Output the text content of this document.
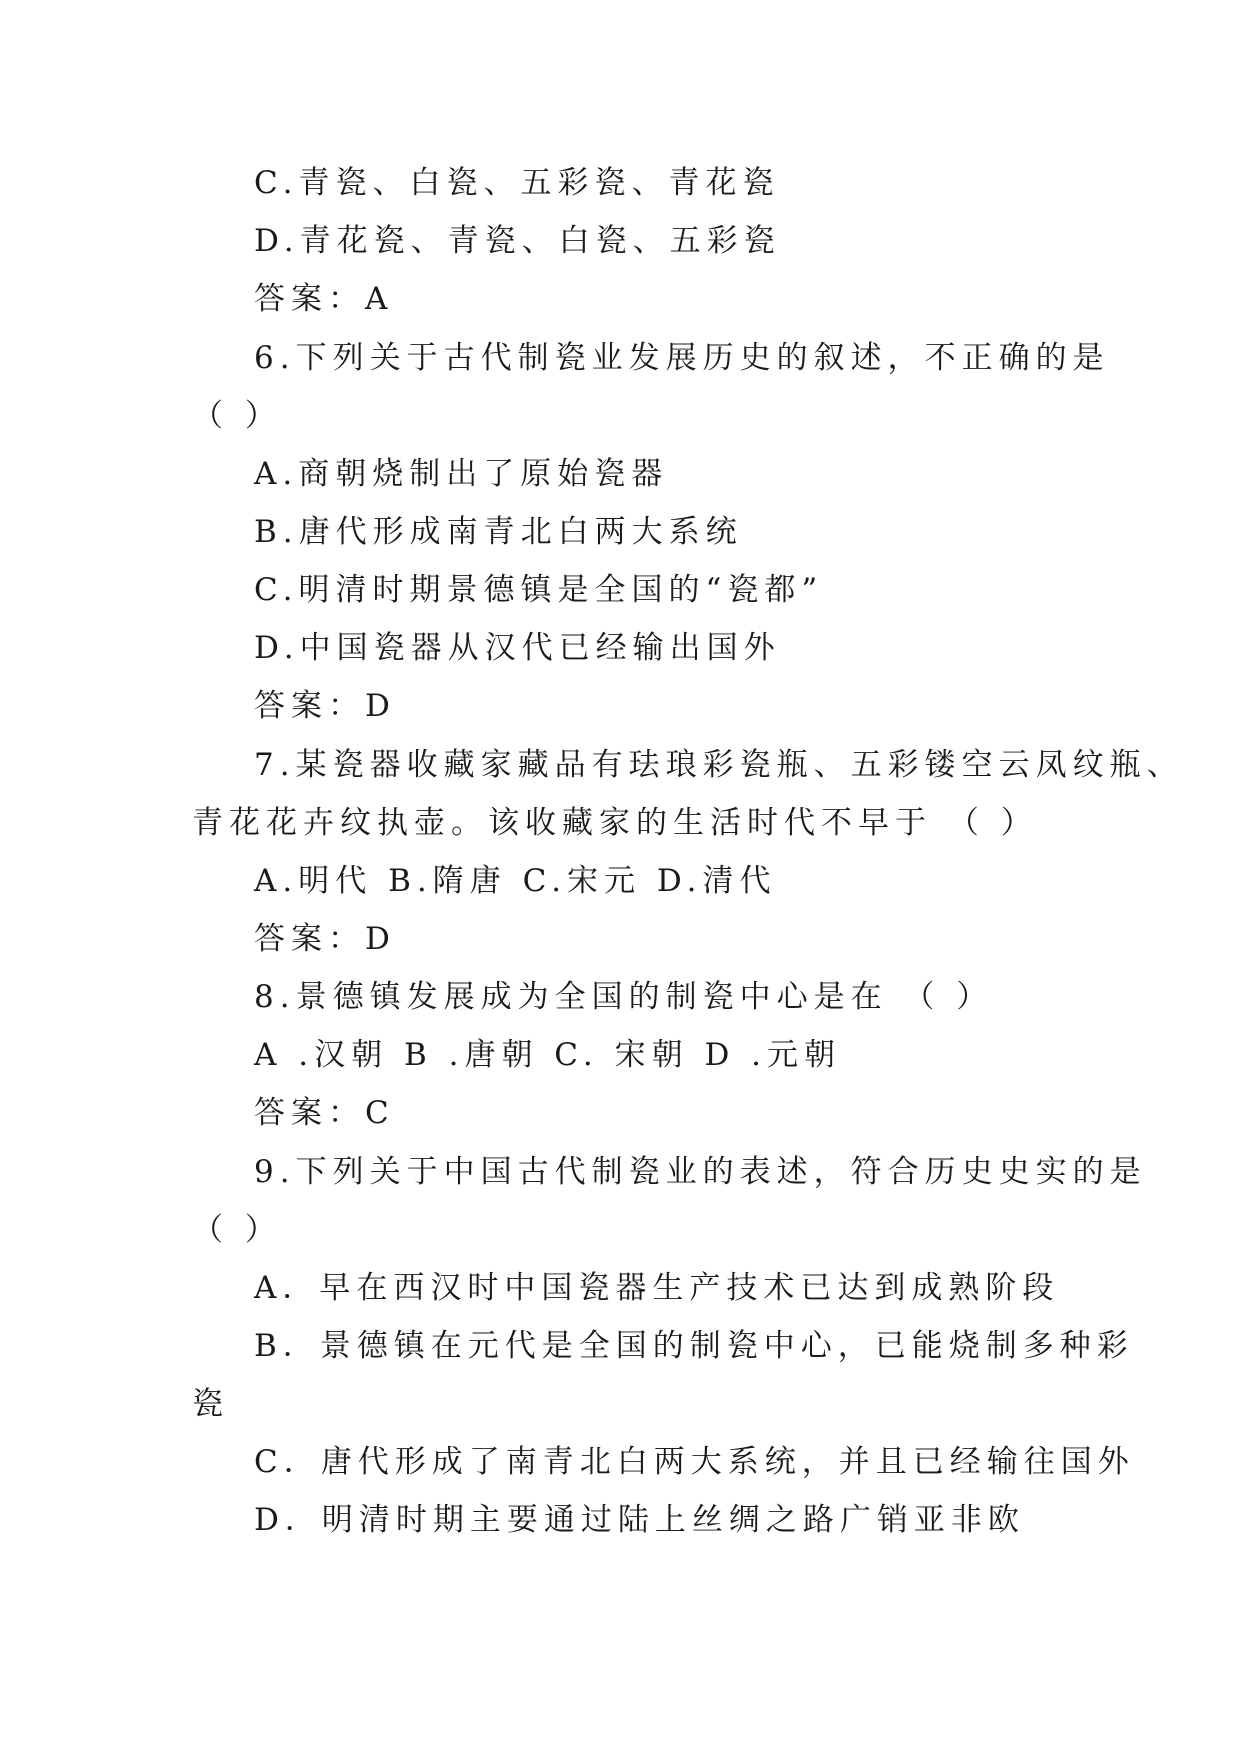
C.青瓷、白瓷、五彩瓷、青花瓷
D.青花瓷、青瓷、白瓷、五彩瓷
答案：A
6.下列关于古代制瓷业发展历史的叙述，不正确的是
（ ）
A.商朝烧制出了原始瓷器
B.唐代形成南青北白两大系统
C.明清时期景德镇是全国的“瓷都”
D.中国瓷器从汉代已经输出国外
答案：D
7.某瓷器收藏家藏品有珐琅彩瓷瓶、五彩镂空云凤纹瓶、
青花花卉纹执壶。该收藏家的生活时代不早于 （ ）
A.明代 B.隋唐 C.宋元 D.清代
答案：D
8.景德镇发展成为全国的制瓷中心是在 （ ）
A .汉朝 B .唐朝 C. 宋朝 D .元朝
答案：C
9.下列关于中国古代制瓷业的表述，符合历史史实的是
（ ）
A．早在西汉时中国瓷器生产技术已达到成熟阶段
B．景德镇在元代是全国的制瓷中心，已能烧制多种彩
瓷
C．唐代形成了南青北白两大系统，并且已经输往国外
D．明清时期主要通过陆上丝绸之路广销亚非欧
